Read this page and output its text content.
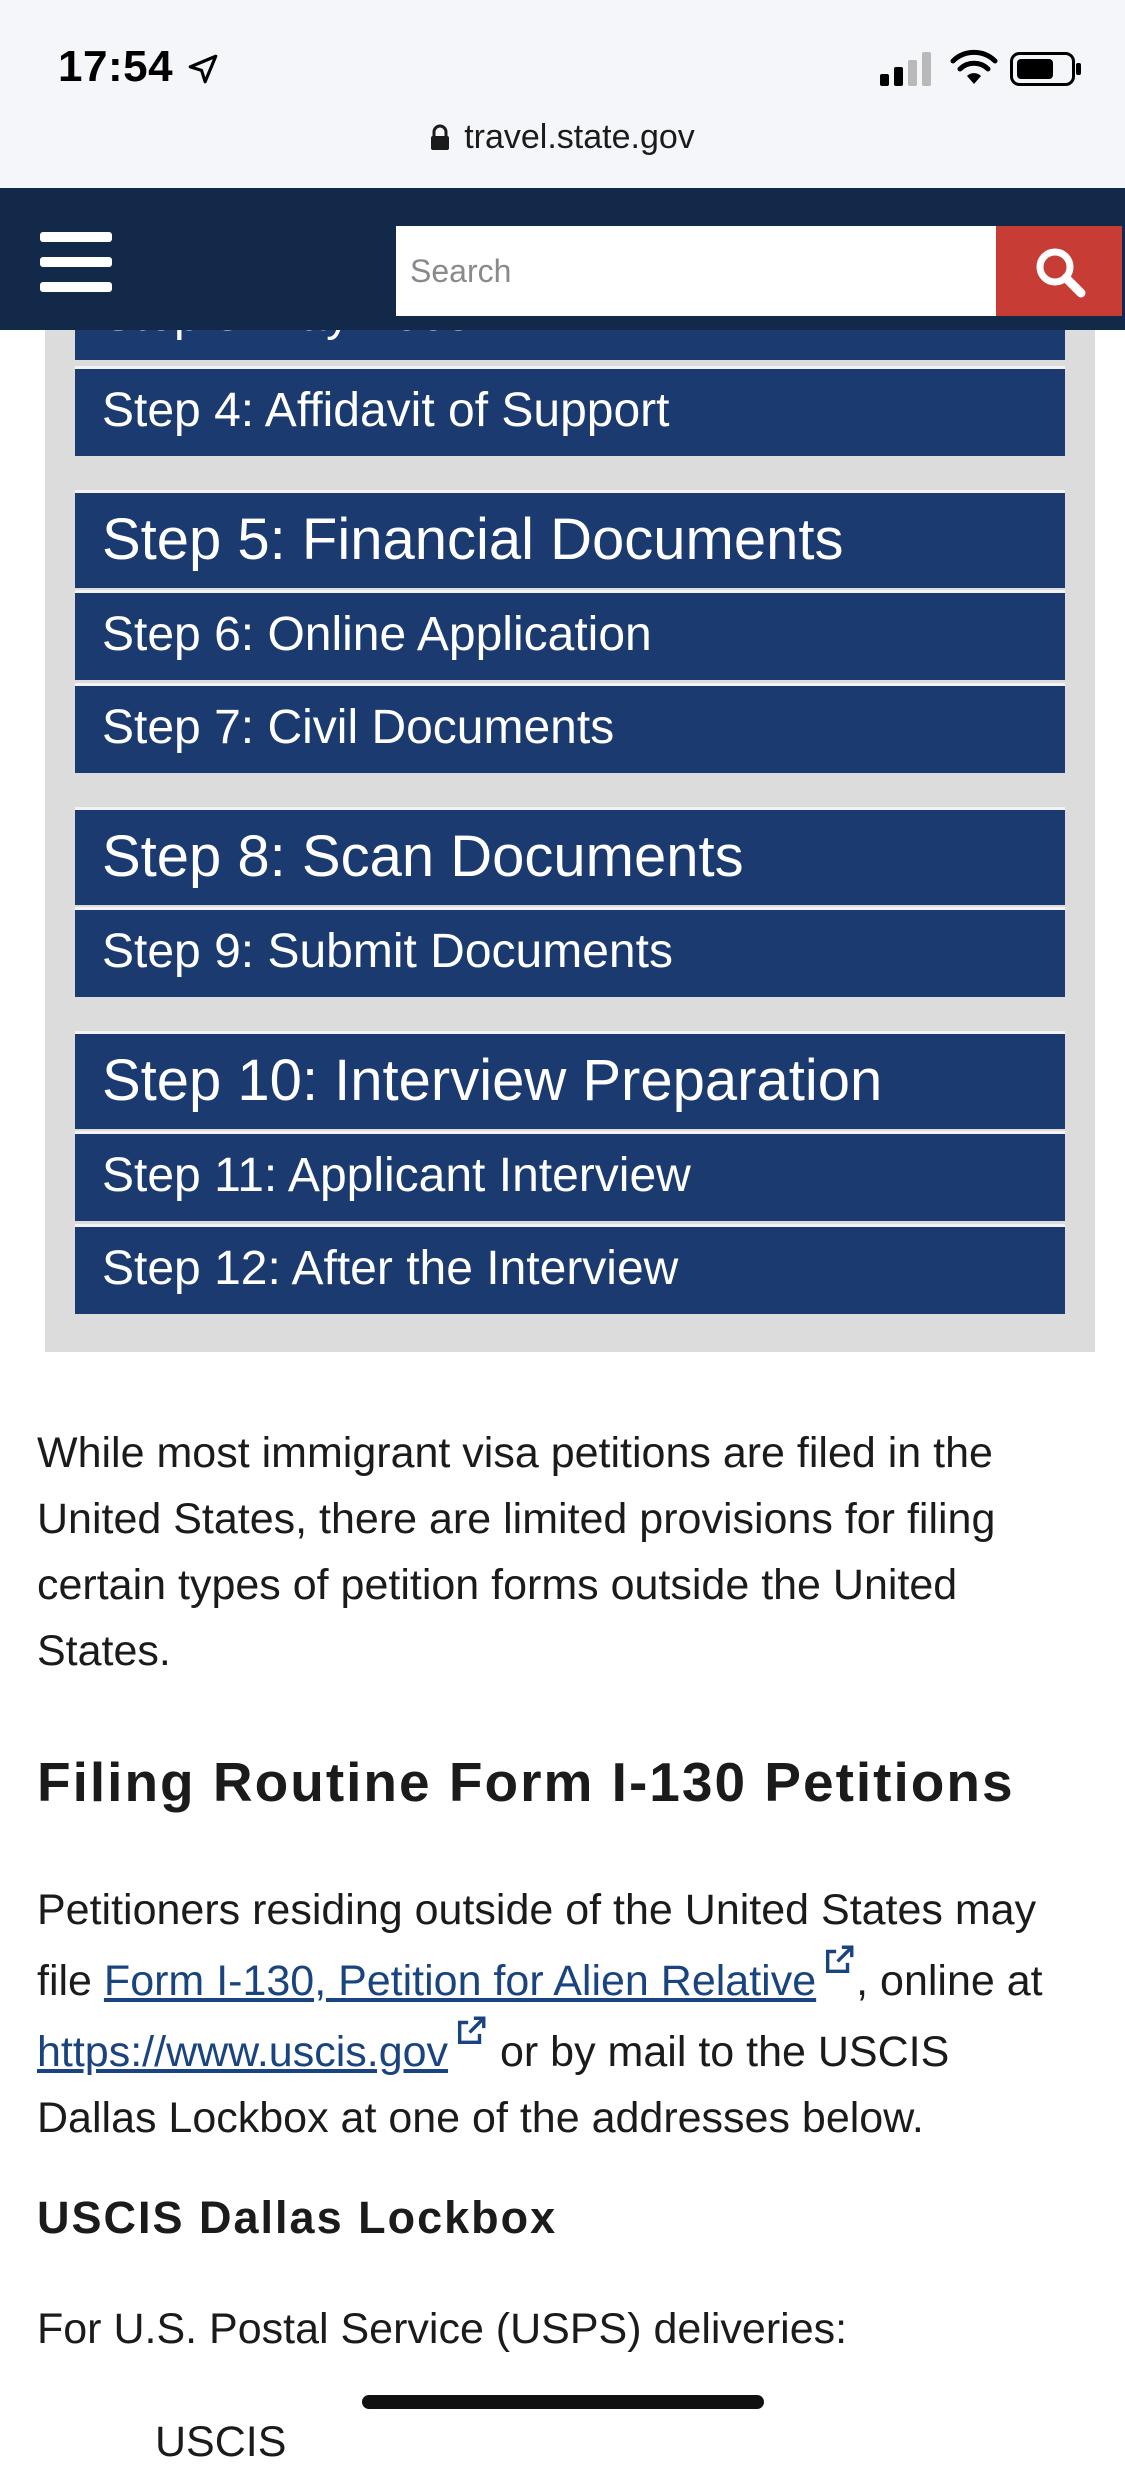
17:54
travel.state.gov
Step 4: Affidavit of Support
Step 5: Financial Documents
Step 6: Online Application
Step 7: Civil Documents
Step 8: Scan Documents
Step 9: Submit Documents
Step 10: Interview Preparation
Step 11: Applicant Interview
Step 12: After the Interview
Search

While most immigrant visa petitions are filed in the United States, there are limited provisions for filing certain types of petition forms outside the United States.

Filing Routine Form I-130 Petitions

Petitioners residing outside of the United States may file Form I-130, Petition for Alien Relative , online at https://www.uscis.gov or by mail to the USCIS Dallas Lockbox at one of the addresses below.

USCIS Dallas Lockbox

For U.S. Postal Service (USPS) deliveries:

USCIS
